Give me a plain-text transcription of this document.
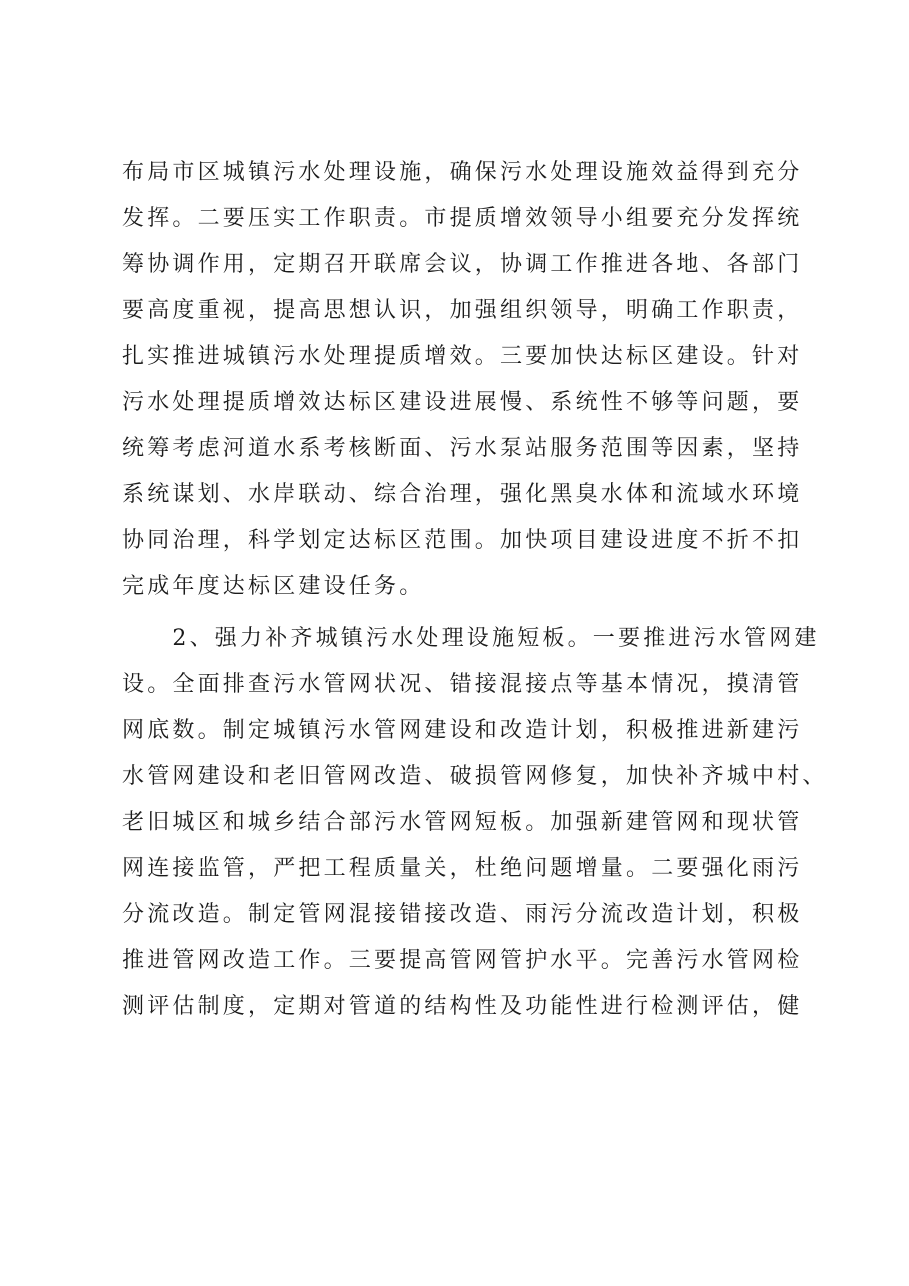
布局市区城镇污水处理设施，确保污水处理设施效益得到充分
发挥。二要压实工作职责。市提质增效领导小组要充分发挥统
筹协调作用，定期召开联席会议，协调工作推进各地、各部门
要高度重视，提高思想认识，加强组织领导，明确工作职责，
扎实推进城镇污水处理提质增效。三要加快达标区建设。针对
污水处理提质增效达标区建设进展慢、系统性不够等问题，要
统筹考虑河道水系考核断面、污水泵站服务范围等因素，坚持
系统谋划、水岸联动、综合治理，强化黑臭水体和流域水环境
协同治理，科学划定达标区范围。加快项目建设进度不折不扣
完成年度达标区建设任务。
　　2、强力补齐城镇污水处理设施短板。一要推进污水管网建
设。全面排查污水管网状况、错接混接点等基本情况，摸清管
网底数。制定城镇污水管网建设和改造计划，积极推进新建污
水管网建设和老旧管网改造、破损管网修复，加快补齐城中村、
老旧城区和城乡结合部污水管网短板。加强新建管网和现状管
网连接监管，严把工程质量关，杜绝问题增量。二要强化雨污
分流改造。制定管网混接错接改造、雨污分流改造计划，积极
推进管网改造工作。三要提高管网管护水平。完善污水管网检
测评估制度，定期对管道的结构性及功能性进行检测评估，健
